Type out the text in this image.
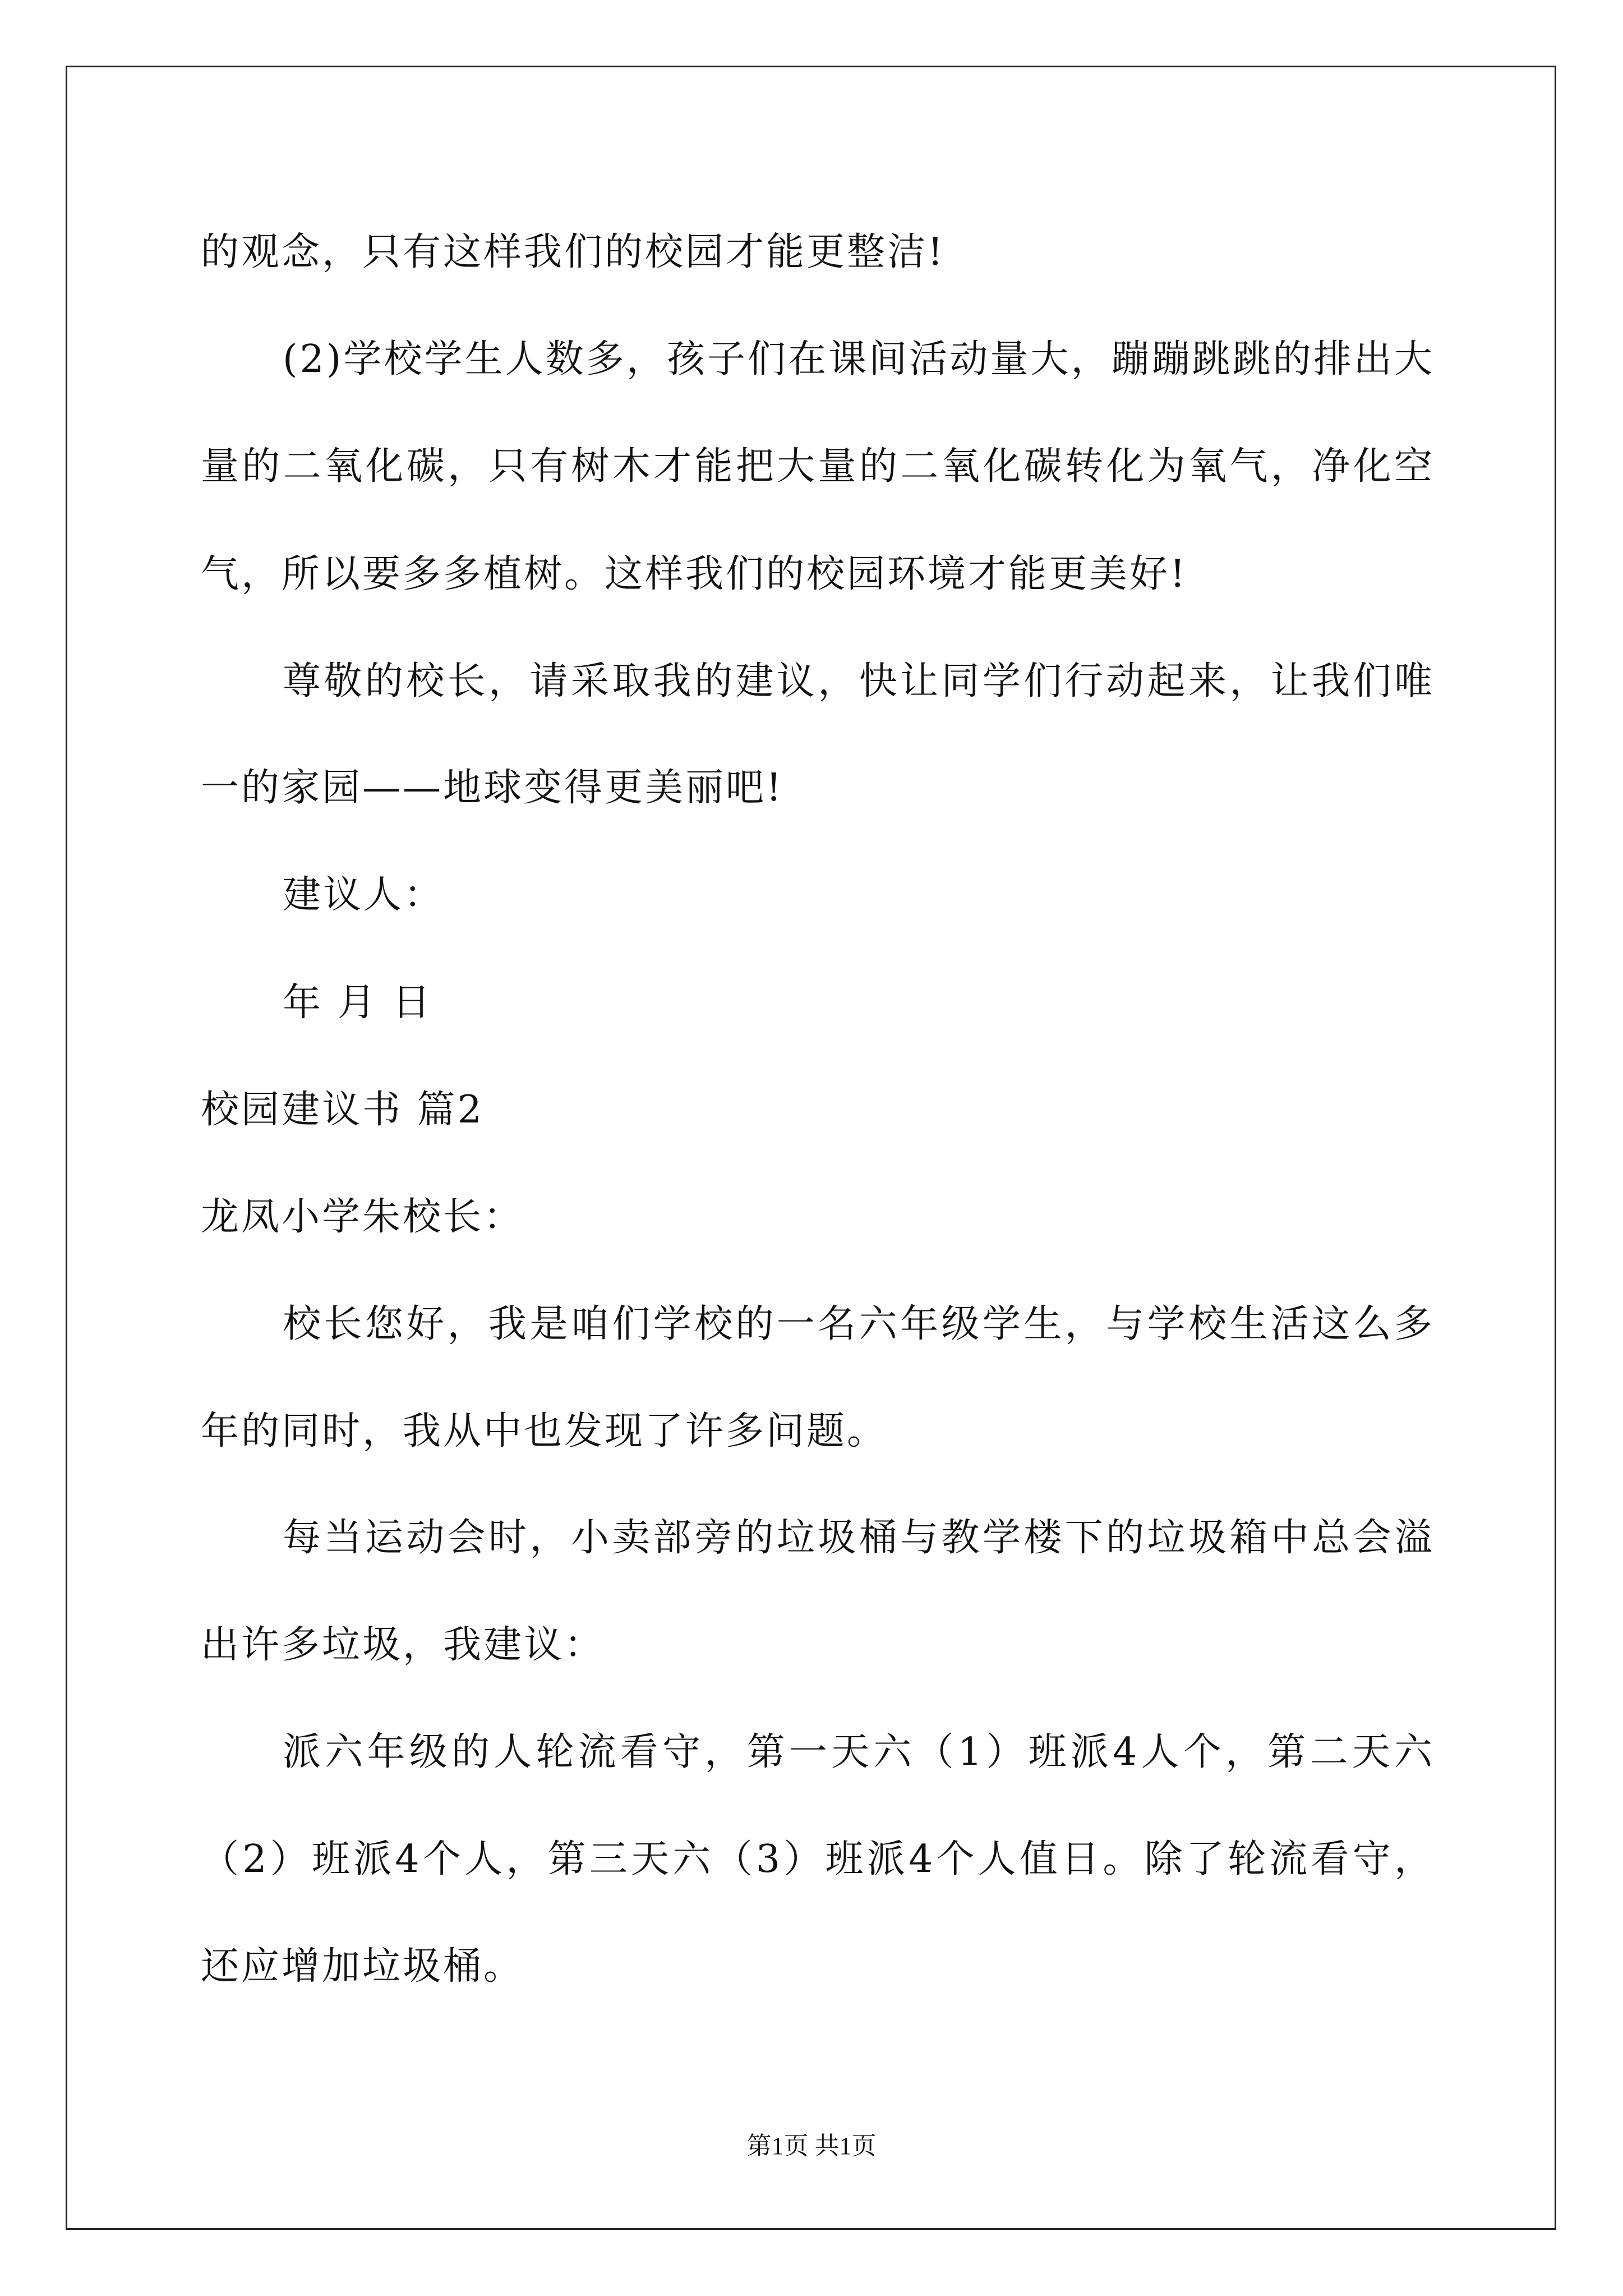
的观念，只有这样我们的校园才能更整洁!
(2)学校学生人数多，孩子们在课间活动量大，蹦蹦跳跳的排出大
量的二氧化碳，只有树木才能把大量的二氧化碳转化为氧气，净化空
气，所以要多多植树。这样我们的校园环境才能更美好!
尊敬的校长，请采取我的建议，快让同学们行动起来，让我们唯
一的家园——地球变得更美丽吧!
建议人：
年 月 日
校园建议书 篇2
龙凤小学朱校长：
校长您好，我是咱们学校的一名六年级学生，与学校生活这么多
年的同时，我从中也发现了许多问题。
每当运动会时，小卖部旁的垃圾桶与教学楼下的垃圾箱中总会溢
出许多垃圾，我建议：
派六年级的人轮流看守，第一天六（1）班派4人个，第二天六
（2）班派4个人，第三天六（3）班派4个人值日。除了轮流看守，
还应增加垃圾桶。
第1页 共1页
